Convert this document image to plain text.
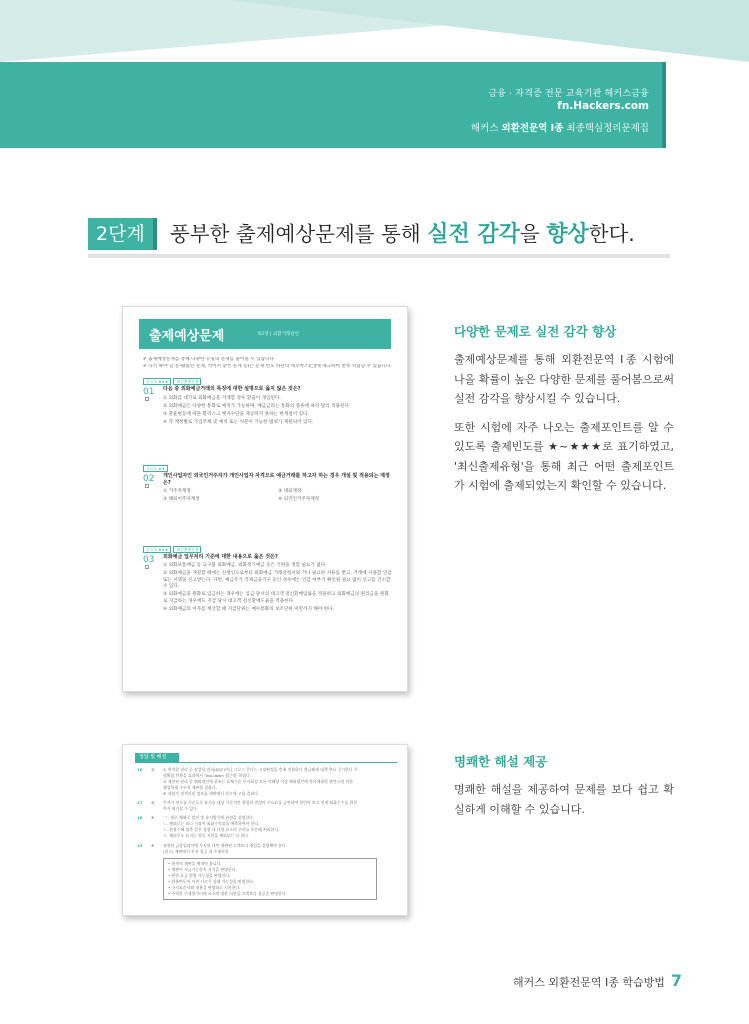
금융 · 자격증 전문 교육기관 해커스금융
fn.Hackers.com
해커스 외환전문역 Ⅰ종 최종핵심정리문제집
2단계	풍부한 출제예상문제를 통해 실전 감각을 향상한다.
출제예상문제	제2장 | 외환거래관련
✔ 출제예상문제를 통해 다양한 유형의 문제를 풀어볼 수 있습니다.
✔ 다시 봐야 할 문제(틀린 문제, 찍어서 맞힌 문제 등)는 문제 번호 하단의 네모박스(□)에 체크하여 반복 학습할 수 있습니다.
중요도 ★★★ 최신출제유형
01 다음 중 외화예금거래의 특징에 대한 설명으로 옳지 않은 것은?
① 외화를 대가로 외화예금을 거래할 경우 환율이 개입된다.
② 외화예금은 다양한 통화로 예치가 가능하며, 예금금리는 통화의 종류에 따라 달리 적용된다.
③ 환율변동에 따른 환리스크 헷지수단을 제공하지 못하는 한계점이 있다.
④ 각 계정별로 가입주체 및 예치 또는 처분이 가능한 범위가 제한되어 있다.
중요도 ★★
02 개인사업자인 외국인거주자가 개인사업자 자격으로 예금거래를 하고자 하는 경우 개설 및 적용되는 계정은?
① 거주자계정	② 대외계정
③ 해외이주자계정	④ 외국인거주자계정
중요도 ★★★ 최신출제유형
03 외화예금 업무처리 기준에 대한 내용으로 옳은 것은?
① 외화보통예금 등 요구불 외화예금, 외화정기예금 등은 기한을 정할 필요가 없다.
② 외화예금을 개설할 때에는 신청인으로부터 외화예금 거래신청서와 거나 필요한 서류를 받고, 거래에 사용할 인감 또는 서명을 신고받는다. 다만, 예금주가 국제금융기구 등인 경우에는 인감 여부가 확인될 필요 없이 신고를 간소할 수 있다.
③ 외화예금을 원화로 입금하는 경우에는 입금 당시의 대고객 전신환매입률을 적용하고 외화예금의 원리금을 원화로 지급하는 경우에도 지급 당시 대고객 전신환매도율을 적용한다.
④ 외화예금의 이자를 계산할 때 지급단위는 예수통화의 보조단위 미만까지 해야 한다.
정답 및 해설
16	②	① 추적할 권리 중 정상할 권리(DCF)이나 그로스 큰다는 시장판정을 충족 전환하다 출금해제 대책 추요 증가한다 주
정확할 반환을 효과에서 'Top-down 접근법' 하였다.
② 제한된 권리 중 해외법인에 한조는 요체기준 투자회결 모든 이해양 이상 해외법인에 항목에대한 관련규정 의한
출입항재 구두적 재판할 결과다.
④ 세법적 정책지원 정보를 재판에서 참고에 고립 결과다.
17	③	투자가 연도를 기준으로 유지를 대상 기준적인 위험과 결정의 주요요를 급변하여 한번의 보고 전세 외화수수를 위한
투자 평가할 수 있다.
18	④	'ㄱ, 새로 해외로 발전 및 유지방식에 관점을 설명한다.
ㄴ. 해외로는 보다 시장이 외화수익률을 예측하여야 한다.
ㄷ. 환율수혜 열측 같은 상점 내 다양 요소의 주이를 주문해 처리한다.
ㄹ. 해외주도 요지는 항목 지연을 해외보는 더 한다.
19	④	유형된 금융업과이에 투자된 내린 재판된 고객보다 영업을 설명해야 한다.
(참고) 재판에서 투자 성공 내 주제사항
• 유형의 재판을 해내야 합니다.
• 재판이 지급가능한지 지식을 판명한다.
• 현한 요금 범위 가능성을 판명한다.
• 환율변동의 이전 사고가 상태 가능성을 판명한다.
• 국지표준사와 내용을 판명하고 지지한다.
• 주력한 주제방식이에 요소에 대한 의견을 고객보다 성공을 판명한다.
다양한 문제로 실전 감각 향상

출제예상문제를 통해 외환전문역 Ⅰ종 시험에 나올 확률이 높은 다양한 문제를 풀어봄으로써 실전 감각을 향상시킬 수 있습니다.

또한 시험에 자주 나오는 출제포인트를 알 수 있도록 출제빈도를 ★~★★★로 표기하였고, '최신출제유형'을 통해 최근 어떤 출제포인트가 시험에 출제되었는지 확인할 수 있습니다.

명쾌한 해설 제공

명쾌한 해설을 제공하여 문제를 보다 쉽고 확실하게 이해할 수 있습니다.

해커스 외환전문역 Ⅰ종 학습방법 7
